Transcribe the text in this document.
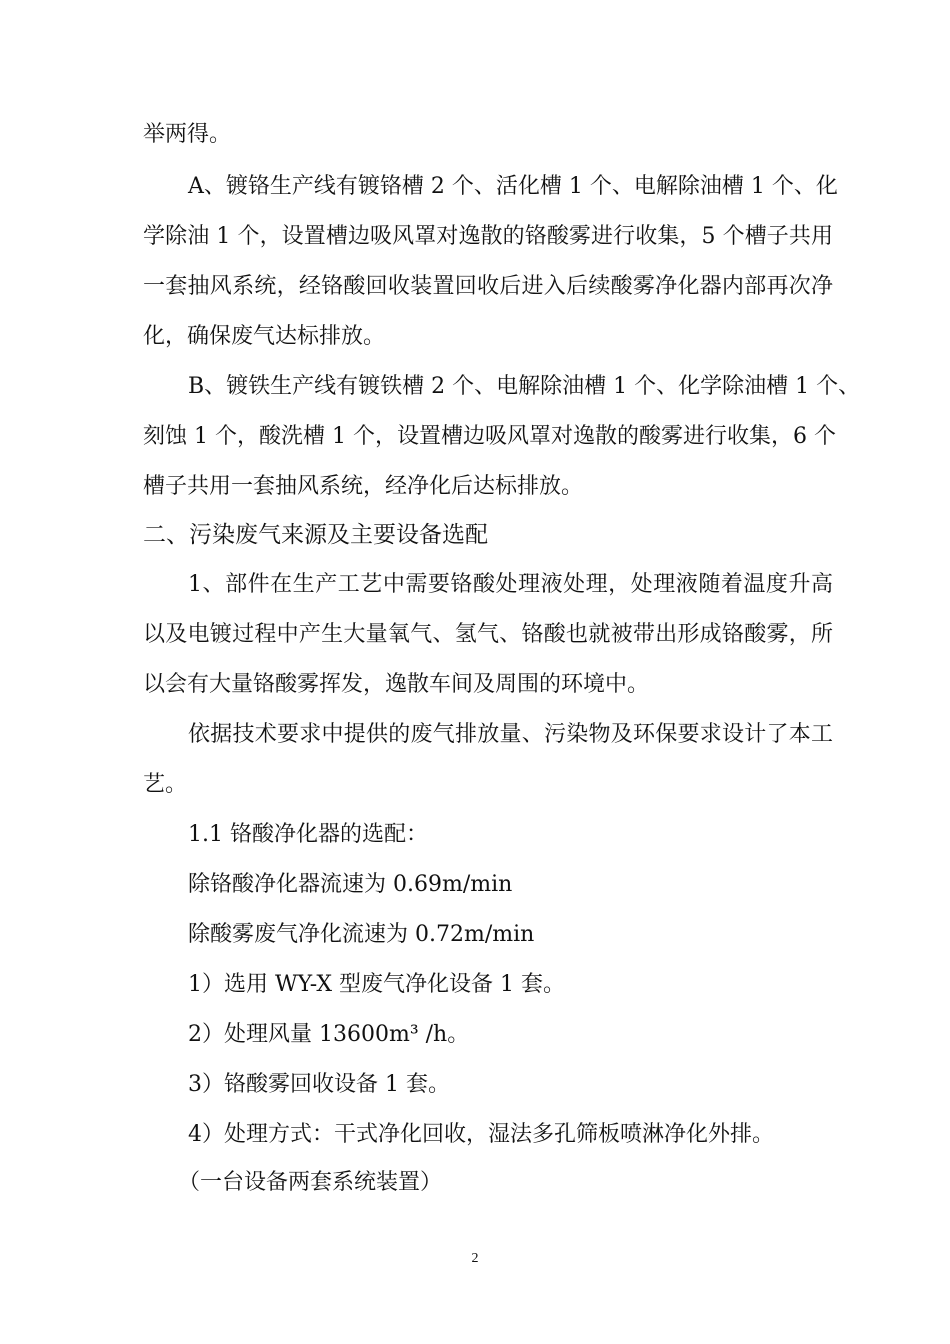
举两得。
A、镀铬生产线有镀铬槽 2 个、活化槽 1 个、电解除油槽 1 个、化
学除油 1 个，设置槽边吸风罩对逸散的铬酸雾进行收集，5 个槽子共用
一套抽风系统，经铬酸回收装置回收后进入后续酸雾净化器内部再次净
化，确保废气达标排放。
B、镀铁生产线有镀铁槽 2 个、电解除油槽 1 个、化学除油槽 1 个、
刻蚀 1 个，酸洗槽 1 个，设置槽边吸风罩对逸散的酸雾进行收集，6 个
槽子共用一套抽风系统，经净化后达标排放。
二、污染废气来源及主要设备选配
1、部件在生产工艺中需要铬酸处理液处理，处理液随着温度升高
以及电镀过程中产生大量氧气、氢气、铬酸也就被带出形成铬酸雾，所
以会有大量铬酸雾挥发，逸散车间及周围的环境中。
依据技术要求中提供的废气排放量、污染物及环保要求设计了本工
艺。
1.1 铬酸净化器的选配：
除铬酸净化器流速为 0.69m/min
除酸雾废气净化流速为 0.72m/min
1）选用 WY-X 型废气净化设备 1 套。
2）处理风量 13600m³ /h。
3）铬酸雾回收设备 1 套。
4）处理方式：干式净化回收，湿法多孔筛板喷淋净化外排。
（一台设备两套系统装置）
2
